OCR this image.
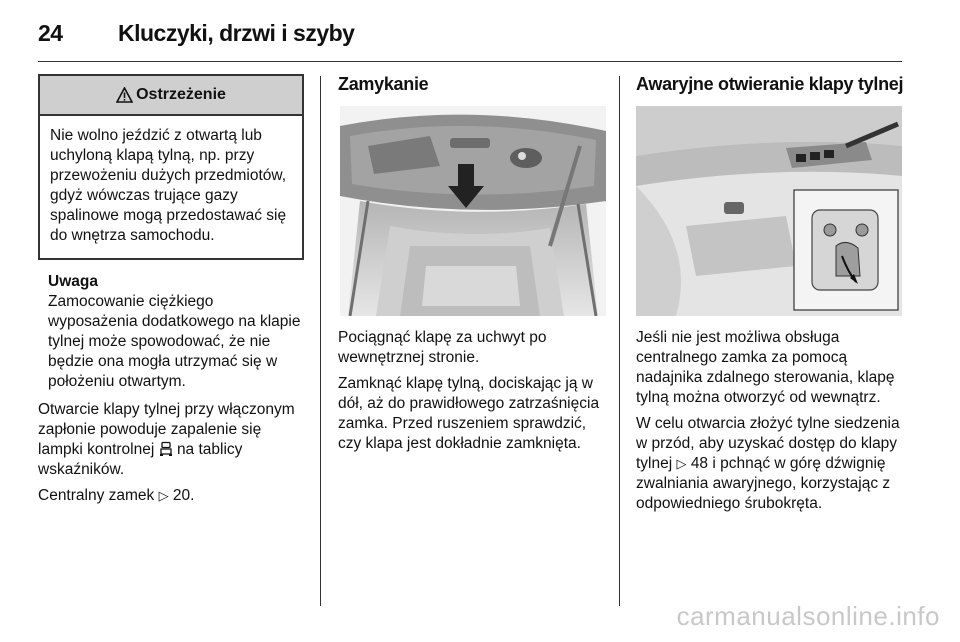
24 Kluczyki, drzwi i szyby
Ostrzeżenie
Nie wolno jeździć z otwartą lub uchyloną klapą tylną, np. przy przewożeniu dużych przedmiotów, gdyż wówczas trujące gazy spalinowe mogą przedostawać się do wnętrza samochodu.
Uwaga
Zamocowanie ciężkiego wyposażenia dodatkowego na klapie tylnej może spowodować, że nie będzie ona mogła utrzymać się w położeniu otwartym.

Otwarcie klapy tylnej przy włączonym zapłonie powoduje zapalenie się lampki kontrolnej na tablicy wskaźników.

Centralny zamek ▷ 20.

Zamykanie

Pociągnąć klapę za uchwyt po wewnętrznej stronie.

Zamknąć klapę tylną, dociskając ją w dół, aż do prawidłowego zatrzaśnięcia zamka. Przed ruszeniem sprawdzić, czy klapa jest dokładnie zamknięta.

Awaryjne otwieranie klapy tylnej

Jeśli nie jest możliwa obsługa centralnego zamka za pomocą nadajnika zdalnego sterowania, klapę tylną można otworzyć od wewnątrz.

W celu otwarcia złożyć tylne siedzenia w przód, aby uzyskać dostęp do klapy tylnej ▷ 48 i pchnąć w górę dźwignię zwalniania awaryjnego, korzystając z odpowiedniego śrubokręta.

carmanualsonline.info
